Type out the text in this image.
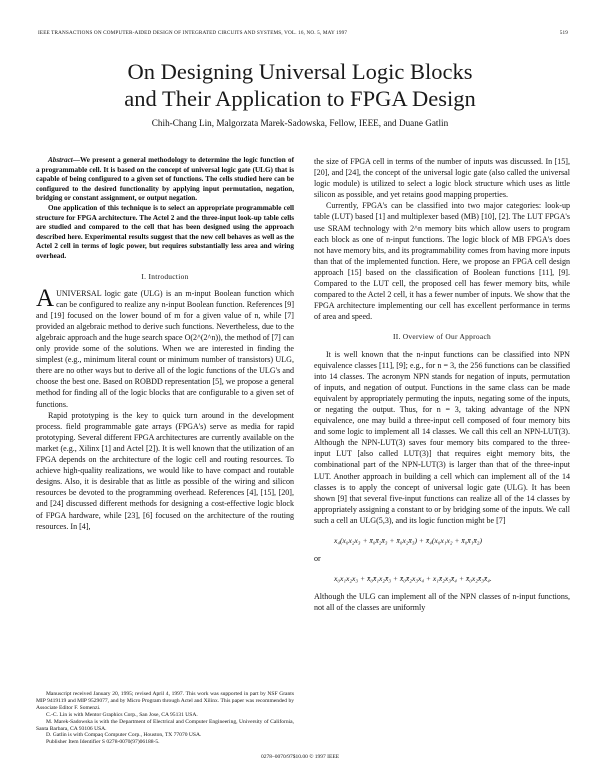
IEEE TRANSACTIONS ON COMPUTER-AIDED DESIGN OF INTEGRATED CIRCUITS AND SYSTEMS, VOL. 16, NO. 5, MAY 1997	519
On Designing Universal Logic Blocks
and Their Application to FPGA Design
Chih-Chang Lin, Malgorzata Marek-Sadowska, Fellow, IEEE, and Duane Gatlin

Abstract—We present a general methodology to determine the logic function of a programmable cell. It is based on the concept of universal logic gate (ULG) that is capable of being configured to a given set of functions. The cells studied here can be configured to the desired functionality by applying input permutation, negation, bridging or constant assignment, or output negation.

One application of this technique is to select an appropriate programmable cell structure for FPGA architecture. The Actel 2 and the three-input look-up table cells are studied and compared to the cell that has been designed using the approach described here. Experimental results suggest that the new cell behaves as well as the Actel 2 cell in terms of logic power, but requires substantially less area and wiring overhead.

I. Introduction

AUNIVERSAL logic gate (ULG) is an m-input Boolean function which can be configured to realize any n-input Boolean function. References [9] and [19] focused on the lower bound of m for a given value of n, while [7] provided an algebraic method to derive such functions. Nevertheless, due to the algebraic approach and the huge search space O(2^(2^n)), the method of [7] can only provide some of the solutions. When we are interested in finding the simplest (e.g., minimum literal count or minimum number of transistors) ULG, there are no other ways but to derive all of the logic functions of the ULG's and choose the best one. Based on ROBDD representation [5], we propose a general method for finding all of the logic blocks that are configurable to a given set of functions.

Rapid prototyping is the key to quick turn around in the development process. field programmable gate arrays (FPGA's) serve as media for rapid prototyping. Several different FPGA architectures are currently available on the market (e.g., Xilinx [1] and Actel [2]). It is well known that the utilization of an FPGA depends on the architecture of the logic cell and routing resources. To achieve high-quality realizations, we would like to have compact and routable designs. Also, it is desirable that as little as possible of the wiring and silicon resources be devoted to the programming overhead. References [4], [15], [20], and [24] discussed different methods for designing a cost-effective logic block of FPGA hardware, while [23], [6] focused on the architecture of the routing resources. In [4],

Manuscript received January 20, 1995; revised April 4, 1997. This work was supported in part by NSF Grants MIP 9419119 and MIP 9529077, and by Micro Program through Actel and Xilinx. This paper was recommended by Associate Editor F. Somenzi.

C.-C. Lin is with Mentor Graphics Corp., San Jose, CA 95131 USA.

M. Marek-Sadowska is with the Department of Electrical and Computer Engineering, University of California, Santa Barbara, CA 93106 USA.

D. Gatlin is with Compaq Computer Corp., Houston, TX 77070 USA.

Publisher Item Identifier S 0278-0070(97)06188-5.

the size of FPGA cell in terms of the number of inputs was discussed. In [15], [20], and [24], the concept of the universal logic gate (also called the universal logic module) is utilized to select a logic block structure which uses as little silicon as possible, and yet retains good mapping properties.

Currently, FPGA's can be classified into two major categories: look-up table (LUT) based [1] and multiplexer based (MB) [10], [2]. The LUT FPGA's use SRAM technology with 2^n memory bits which allow users to program each block as one of n-input functions. The logic block of MB FPGA's does not have memory bits, and its programmability comes from having more inputs than that of the implemented function. Here, we propose an FPGA cell design approach [15] based on the classification of Boolean functions [11], [9]. Compared to the LUT cell, the proposed cell has fewer memory bits, while compared to the Actel 2 cell, it has a fewer number of inputs. We show that the FPGA architecture implementing our cell has excellent performance in terms of area and speed.

II. Overview of Our Approach

It is well known that the n-input functions can be classified into NPN equivalence classes [11], [9]; e.g., for n = 3, the 256 functions can be classified into 14 classes. The acronym NPN stands for negation of inputs, permutation of inputs, and negation of output. Functions in the same class can be made equivalent by appropriately permuting the inputs, negating some of the inputs, or negating the output. Thus, for n = 3, taking advantage of the NPN equivalence, one may build a three-input cell composed of four memory bits and some logic to implement all 14 classes. We call this cell an NPN-LUT(3). Although the NPN-LUT(3) saves four memory bits compared to the three-input LUT [also called LUT(3)] that requires eight memory bits, the combinational part of the NPN-LUT(3) is larger than that of the three-input LUT. Another approach in building a cell which can implement all of the 14 classes is to apply the concept of universal logic gate (ULG). It has been shown [9] that several five-input functions can realize all of the 14 classes by appropriately assigning a constant to or by bridging some of the inputs. We call such a cell an ULG(5,3), and its logic function might be [7]

x₄(x₀x₂x₃ + x̄₀x̄₂x̄₃ + x̄₀x₂x̄₃) + x̄₄(x₀x₁x₂ + x̄₀x̄₁x̄₂)
or
x₀x₁x₂x₃ + x̄₀x̄₁x₂x̄₃ + x̄₀x̄₂x₃x₄ + x₁x̄₂x₃x̄₄ + x̄₀x₂x̄₃x̄₄.

Although the ULG can implement all of the NPN classes of n-input functions, not all of the classes are uniformly

0278–0070/97$10.00 © 1997 IEEE
